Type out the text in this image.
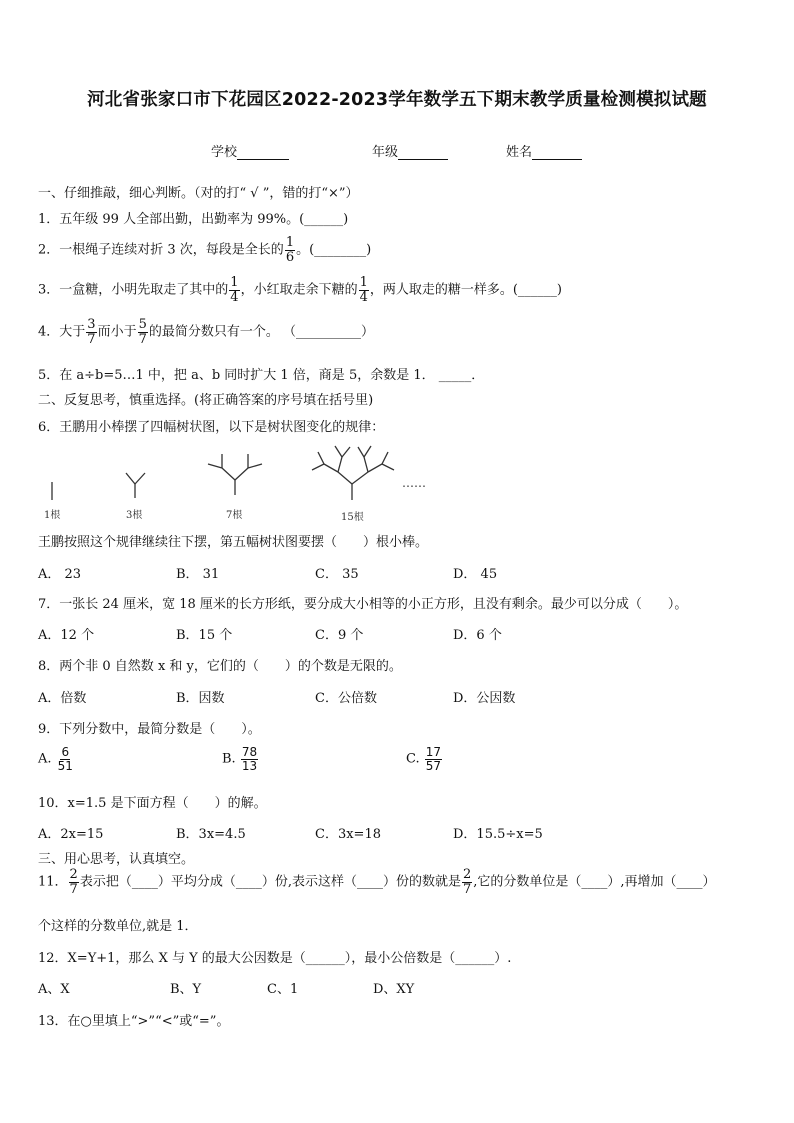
河北省张家口市下花园区2022-2023学年数学五下期末教学质量检测模拟试题
学校	年级	姓名
一、仔细推敲，细心判断。（对的打“ √ ”，错的打“×”）
1．五年级 99 人全部出勤，出勤率为 99%。(______)
2．一根绳子连续对折 3 次，每段是全长的 $\frac{1}{6}$ 。(________)
3．一盒糖，小明先取走了其中的 $\frac{1}{4}$ ，小红取走余下糖的 $\frac{1}{4}$ ，两人取走的糖一样多。(______)
4．大于 $\frac{3}{7}$ 而小于 $\frac{5}{7}$ 的最简分数只有一个。 （__________）
5．在 a÷b=5…1 中，把 a、b 同时扩大 1 倍，商是 5，余数是 1． _____．
二、反复思考，慎重选择。(将正确答案的序号填在括号里)
6．王鹏用小棒摆了四幅树状图，以下是树状图变化的规律：
1根	3根	7根	15根
……
王鹏按照这个规律继续往下摆，第五幅树状图要摆（　　）根小棒。
A． 23	B． 31	C． 35	D． 45
7．一张长 24 厘米，宽 18 厘米的长方形纸，要分成大小相等的小正方形，且没有剩余。最少可以分成（　　）。
A．12 个	B．15 个	C．9 个	D．6 个
8．两个非 0 自然数 x 和 y，它们的（　　）的个数是无限的。
A．倍数	B．因数	C．公倍数	D．公因数
9．下列分数中，最简分数是（　　）。
A. $\frac{6}{51}$	B. $\frac{78}{13}$	C. $\frac{17}{57}$
10．x=1.5 是下面方程（　　）的解。
A．2x=15	B．3x=4.5	C．3x=18	D．15.5÷x=5
三、用心思考，认真填空。
11． $\frac{2}{7}$ 表示把（____）平均分成（____）份,表示这样（____）份的数就是 $\frac{2}{7}$ ,它的分数单位是（____）,再增加（____）
个这样的分数单位,就是 1．
12．X=Y+1，那么 X 与 Y 的最大公因数是（______），最小公倍数是（______）.
A、X	B、Y	C、1	D、XY
13．在○里填上“>”“<”或“=”。
